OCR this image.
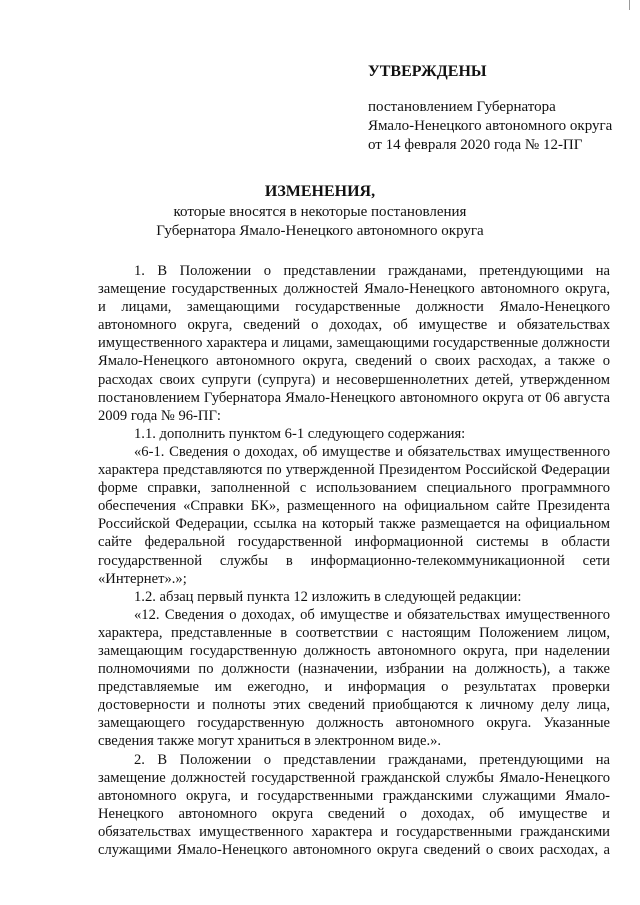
УТВЕРЖДЕНЫ
постановлением Губернатора
Ямало-Ненецкого автономного округа
от 14 февраля 2020 года № 12-ПГ
ИЗМЕНЕНИЯ,
которые вносятся в некоторые постановления
Губернатора Ямало-Ненецкого автономного округа

1. В Положении о представлении гражданами, претендующими на замещение государственных должностей Ямало-Ненецкого автономного округа, и лицами, замещающими государственные должности Ямало-Ненецкого автономного округа, сведений о доходах, об имуществе и обязательствах имущественного характера и лицами, замещающими государственные должности Ямало-Ненецкого автономного округа, сведений о своих расходах, а также о расходах своих супруги (супруга) и несовершеннолетних детей, утвержденном постановлением Губернатора Ямало-Ненецкого автономного округа от 06 августа 2009 года № 96-ПГ:

1.1. дополнить пунктом 6-1 следующего содержания:

«6-1. Сведения о доходах, об имуществе и обязательствах имущественного характера представляются по утвержденной Президентом Российской Федерации форме справки, заполненной с использованием специального программного обеспечения «Справки БК», размещенного на официальном сайте Президента Российской Федерации, ссылка на который также размещается на официальном сайте федеральной государственной информационной системы в области государственной службы в информационно-телекоммуникационной сети «Интернет».»;

1.2. абзац первый пункта 12 изложить в следующей редакции:

«12. Сведения о доходах, об имуществе и обязательствах имущественного характера, представленные в соответствии с настоящим Положением лицом, замещающим государственную должность автономного округа, при наделении полномочиями по должности (назначении, избрании на должность), а также представляемые им ежегодно, и информация о результатах проверки достоверности и полноты этих сведений приобщаются к личному делу лица, замещающего государственную должность автономного округа. Указанные сведения также могут храниться в электронном виде.».

2. В Положении о представлении гражданами, претендующими на замещение должностей государственной гражданской службы Ямало-Ненецкого автономного округа, и государственными гражданскими служащими Ямало-Ненецкого автономного округа сведений о доходах, об имуществе и обязательствах имущественного характера и государственными гражданскими служащими Ямало-Ненецкого автономного округа сведений о своих расходах, а
